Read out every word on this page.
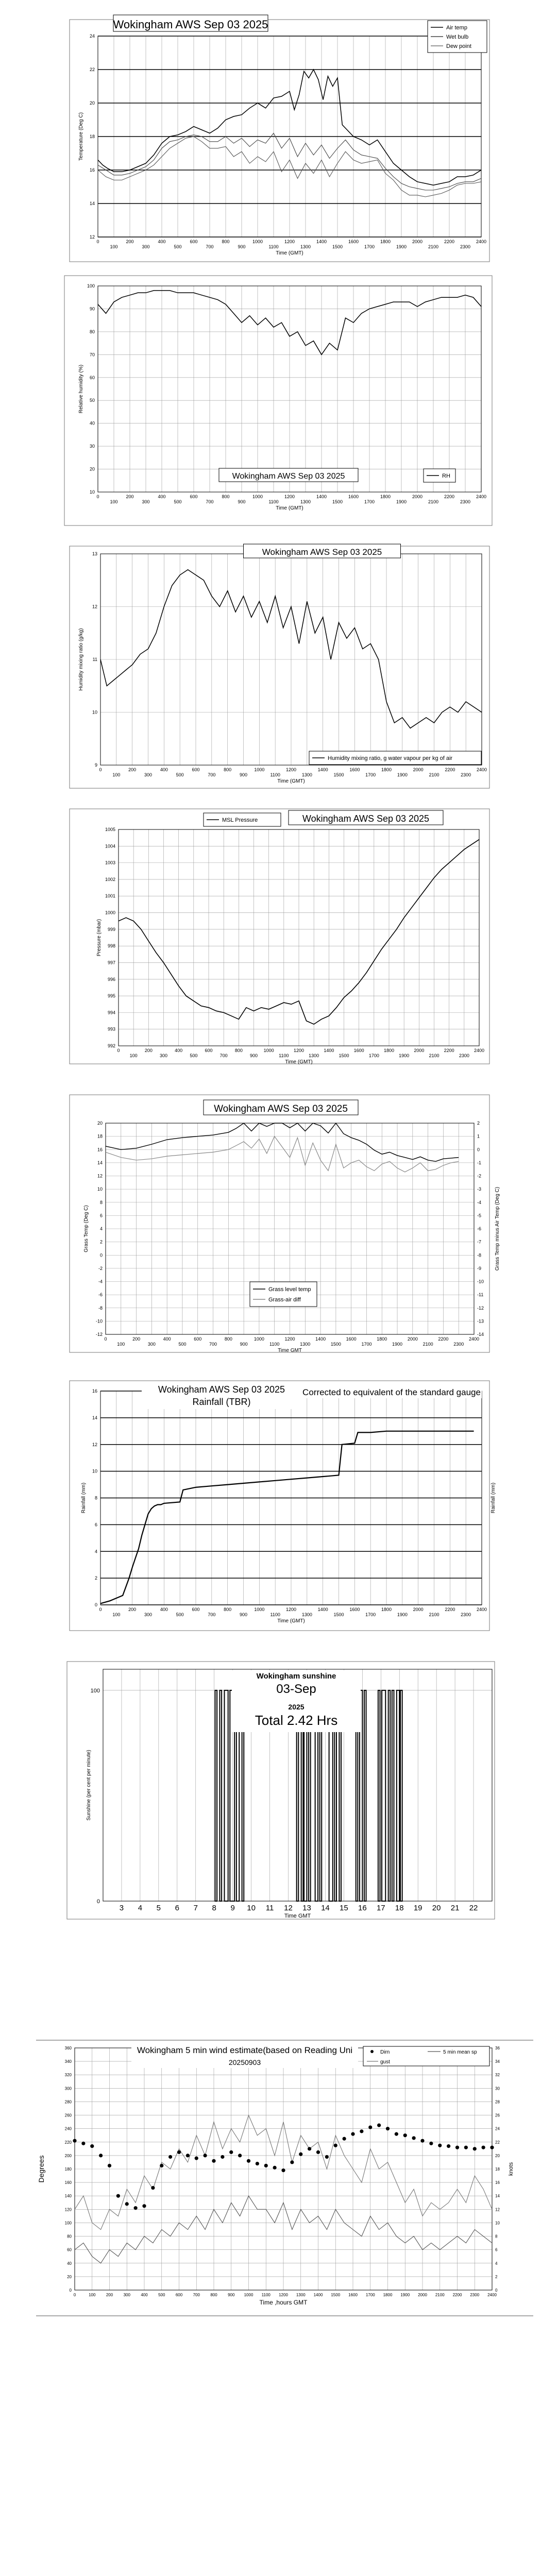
12
14
16
18
20
22
24
Temperature (Deg C)
0
100
200
300
400
500
600
700
800
900
1000
1100
1200
1300
1400
1500
1600
1700
1800
1900
2000
2100
2200
2300
2400
Time (GMT)
Wokingham AWS Sep 03 2025	Air temp
Wet bulb
Dew point
10
20
30
40
50
60
70
80
90
100
Relative humidity (%)
0
100
200
300
400
500
600
700
800
900
1000
1100
1200
1300
1400
1500
1600
1700
1800
1900
2000
2100
2200
2300
2400
Time (GMT)
Wokingham AWS Sep 03 2025	RH
9
10
11
12
13
Humidity mixing ratio (g/kg)
0
100
200
300
400
500
600
700
800
900
1000
1100
1200
1300
1400
1500
1600
1700
1800
1900
2000
2100
2200
2300
2400
Time (GMT)
Wokingham AWS Sep 03 2025
Humidity mixing ratio, g water vapour per kg of air
992
993
994
995
996
997
998
999
1000
1001
1002
1003
1004
1005
Pressure (mbar)
0
100
200
300
400
500
600
700
800
900
1000
1100
1200
1300
1400
1500
1600
1700
1800
1900
2000
2100
2200
2300
2400
Time (GMT)
Wokingham AWS Sep 03 2025
MSL Pressure
-12
-10
-8
-6
-4
-2
0
2
4
6
8
10
12
14
16
18
20
-14
-13
-12
-11
-10
-9
-8
-7
-6
-5
-4
-3
-2
-1
0
1
2
Grass Temp (Deg C)	Grass Temp minus Air Temp (Deg C)
0
100
200
300
400
500
600
700
800
900
1000
1100
1200
1300
1400
1500
1600
1700
1800
1900
2000
2100
2200
2300
2400
Time GMT
Wokingham AWS Sep 03 2025
Grass level temp
Grass-air diff
0
2
4
6
8
10
12
14
16
Rainfall (mm)	Rainfall (mm)
0
100
200
300
400
500
600
700
800
900
1000
1100
1200
1300
1400
1500
1600
1700
1800
1900
2000
2100
2200
2300
2400
Time (GMT)
Wokingham AWS Sep 03 2025
Rainfall (TBR)
Corrected to equivalent of the standard gauge
0
100
3 4 5 6 7 8 9 10 11 12 13 14 15 16 17 18 19 20 21 22
Time GMT
Sunshine (per cent per minute)
Wokingham sunshine
03-Sep
2025
Total 2.42 Hrs
0
20
40
60
80
100
120
140
160
180
200
220
240
260
280
300
320
340
360
0
2
4
6
8
10
12
14
16
18
20
22
24
26
28
30
32
34
36
Degrees	knots
0	100	200	300	400	500	600	700	800	900 1000 1100 1200 1300 1400 1500 1600 1700 1800 1900 2000 2100 2200 2300 2400
Time ,hours GMT
Wokingham 5 min wind estimate(based on Reading Uni
20250903
Dirn	5 min mean sp
gust
